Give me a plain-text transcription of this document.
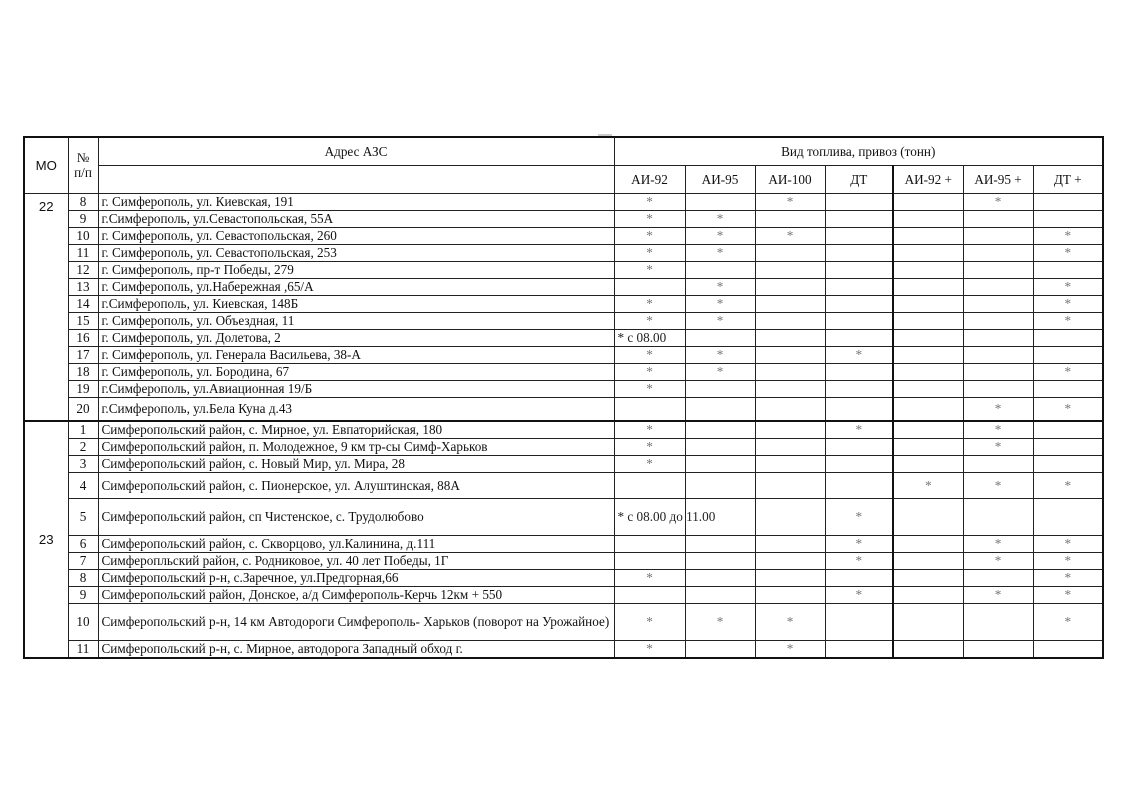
МО	№ п/п	Адрес АЗС	Вид топлива, привоз (тонн)						
			АИ-92	АИ-95	АИ-100	ДТ	АИ-92 +	АИ-95 +	ДТ +
22	8	г. Симферополь, ул. Киевская, 191	*		*			*	
	9	г.Симферополь, ул.Севастопольская, 55А	*	*					
	10	г. Симферополь, ул. Севастопольская, 260	*	*	*				*
	11	г. Симферополь, ул. Севастопольская, 253	*	*					*
	12	г. Симферополь, пр-т Победы, 279	*						
	13	г. Симферополь, ул.Набережная ,65/А		*					*
	14	г.Симферополь, ул. Киевская, 148Б	*	*					*
	15	г. Симферополь, ул. Объездная, 11	*	*					*
	16	г. Симферополь, ул. Долетова, 2	* с 08.00						
	17	г. Симферополь, ул. Генерала Васильева, 38-А	*	*		*			
	18	г. Симферополь, ул. Бородина, 67	*	*					*
	19	г.Симферополь, ул.Авиационная 19/Б	*						
	20	г.Симферополь, ул.Бела Куна д.43						*	*
23	1	Симферопольский район, с. Мирное, ул. Евпаторийская, 180	*			*		*	
	2	Симферопольский район, п. Молодежное, 9 км тр-сы Симф-Харьков	*					*	
	3	Симферопольский район, с. Новый Мир, ул. Мира, 28	*						
	4	Симферопольский район, с. Пионерское, ул. Алуштинская, 88А					*	*	*
	5	Симферопольский район, сп Чистенское, с. Трудолюбово	* с 08.00 до 11.00			*			
	6	Симферопольский район, с. Скворцово, ул.Калинина, д.111				*		*	*
	7	Симферопльский район, с. Родниковое, ул. 40 лет Победы, 1Г				*		*	*
	8	Симферопольский р-н, с.Заречное, ул.Предгорная,66	*						*
	9	Симферопольский район, Донское, а/д Симферополь-Керчь 12км + 550				*		*	*
	10	Симферопольский р-н, 14 км Автодороги Симферополь- Харьков (поворот на Урожайное)	*	*	*				*
	11	Симферопольский р-н, с. Мирное, автодорога Западный обход г.	*		*				
